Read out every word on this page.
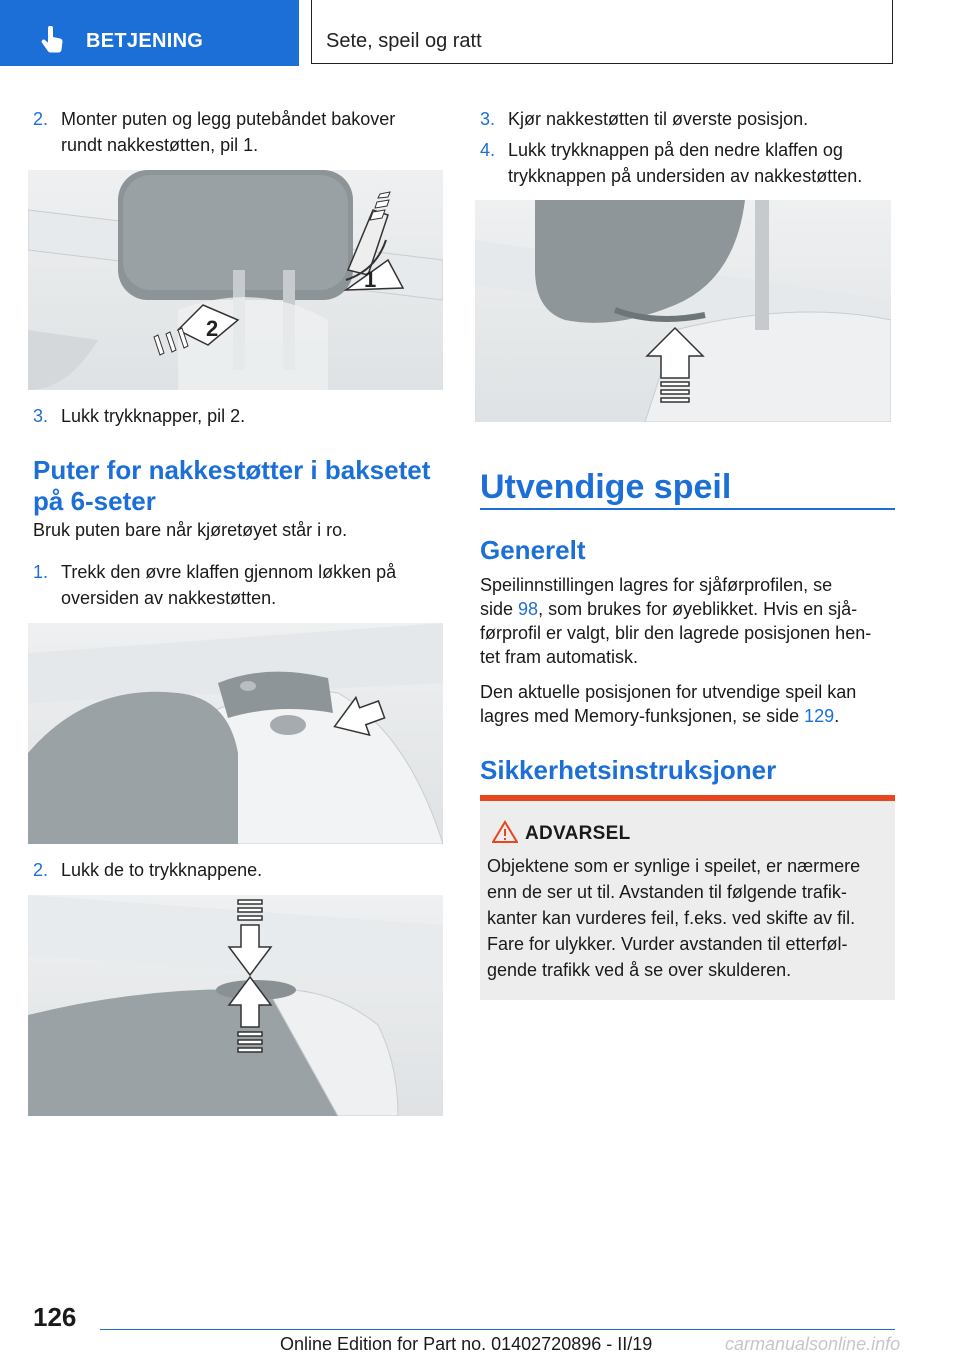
BETJENING	Sete, speil og ratt
2. Monter puten og legg putebåndet bakover
rundt nakkestøtten, pil 1.
1
2
3. Lukk trykknapper, pil 2.
Puter for nakkestøtter i baksetet
på 6-seter
Bruk puten bare når kjøretøyet står i ro.
1. Trekk den øvre klaffen gjennom løkken på
oversiden av nakkestøtten.
2. Lukk de to trykknappene.
3. Kjør nakkestøtten til øverste posisjon.
4. Lukk trykknappen på den nedre klaffen og
trykknappen på undersiden av nakkestøtten.
Utvendige speil
Generelt
Speilinnstillingen lagres for sjåførprofilen, se
side 98, som brukes for øyeblikket. Hvis en sjå-
førprofil er valgt, blir den lagrede posisjonen hen-
tet fram automatisk.
Den aktuelle posisjonen for utvendige speil kan
lagres med Memory-funksjonen, se side 129.
Sikkerhetsinstruksjoner
ADVARSEL
Objektene som er synlige i speilet, er nærmere
enn de ser ut til. Avstanden til følgende trafik-
kanter kan vurderes feil, f.eks. ved skifte av fil.
Fare for ulykker. Vurder avstanden til etterføl-
gende trafikk ved å se over skulderen.
126
Online Edition for Part no. 01402720896 - II/19	carmanualsonline.info
